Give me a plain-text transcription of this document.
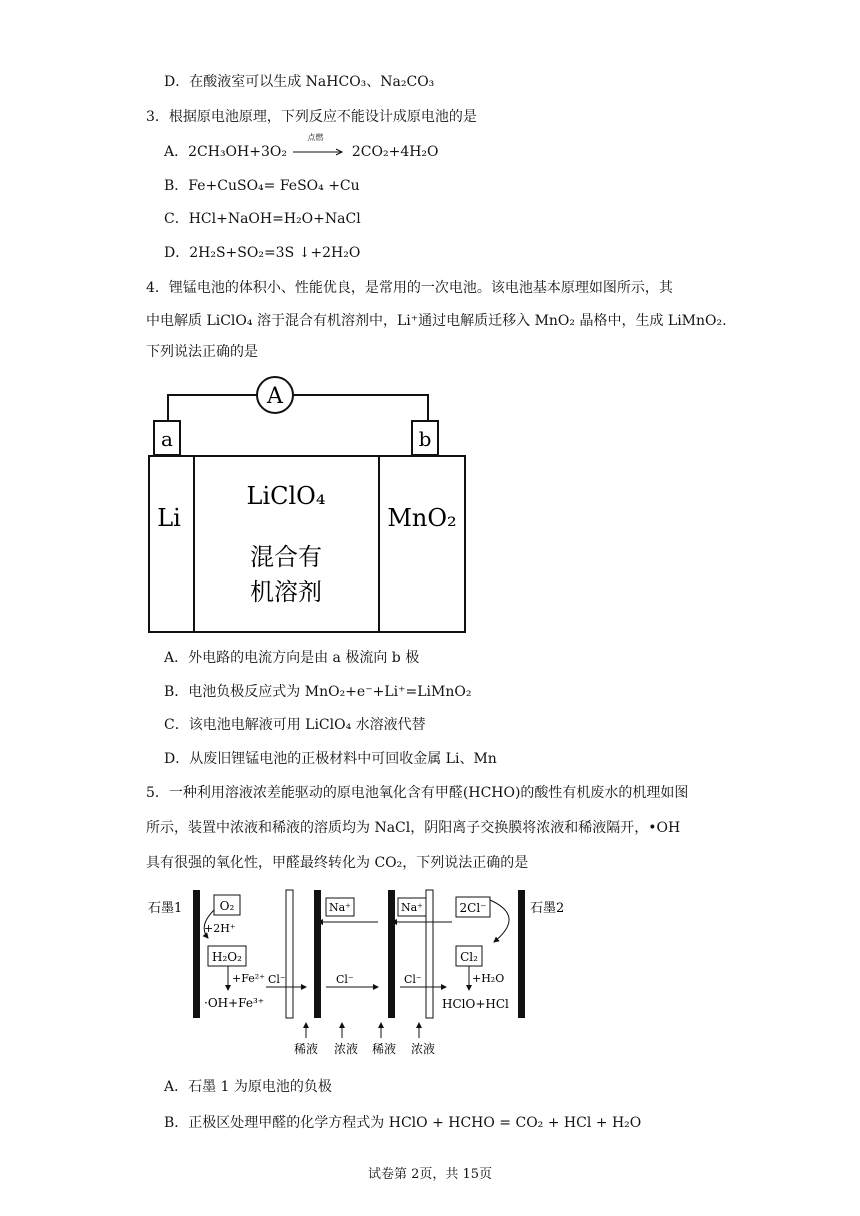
D．在酸液室可以生成 NaHCO₃、Na₂CO₃
3．根据原电池原理，下列反应不能设计成原电池的是
A．2CH₃OH+3O₂
点燃
2CO₂+4H₂O
B．Fe+CuSO₄= FeSO₄ +Cu
C．HCl+NaOH=H₂O+NaCl
D．2H₂S+SO₂=3S ↓+2H₂O
4．锂锰电池的体积小、性能优良，是常用的一次电池。该电池基本原理如图所示，其
中电解质 LiClO₄ 溶于混合有机溶剂中，Li⁺通过电解质迁移入 MnO₂ 晶格中，生成 LiMnO₂.
下列说法正确的是
A
a	b
Li
LiClO₄
混合有
机溶剂
MnO₂
A．外电路的电流方向是由 a 极流向 b 极
B．电池负极反应式为 MnO₂+e⁻+Li⁺=LiMnO₂
C．该电池电解液可用 LiClO₄ 水溶液代替
D．从废旧锂锰电池的正极材料中可回收金属 Li、Mn
5．一种利用溶液浓差能驱动的原电池氧化含有甲醛(HCHO)的酸性有机废水的机理如图
所示，装置中浓液和稀液的溶质均为 NaCl，阴阳离子交换膜将浓液和稀液隔开，•OH
具有很强的氧化性，甲醛最终转化为 CO₂，下列说法正确的是
石墨1	石墨2
O₂
+2H⁺
H₂O₂
+Fe²⁺
·OH+Fe³⁺
Cl⁻	Cl⁻	Cl⁻
Na⁺	Na⁺	2Cl⁻
Cl₂
+H₂O
HClO+HCl
稀液 浓液 稀液 浓液
A．石墨 1 为原电池的负极
B．正极区处理甲醛的化学方程式为 HClO + HCHO = CO₂ + HCl + H₂O
试卷第 2页，共 15页
